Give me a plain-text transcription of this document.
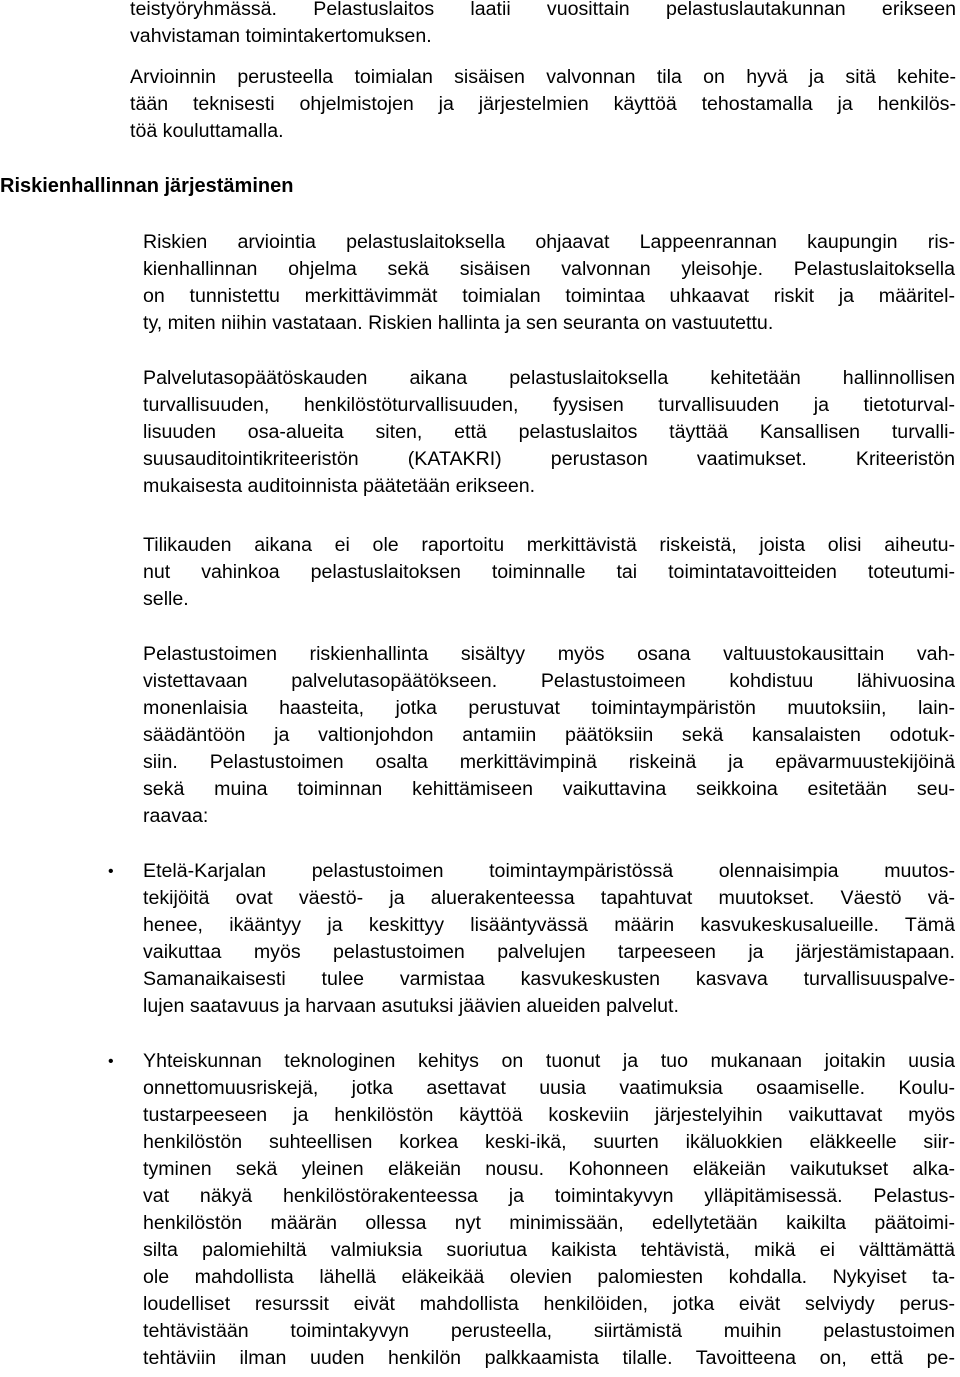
teistyöryhmässä. Pelastuslaitos laatii vuosittain pelastuslautakunnan erikseen
vahvistaman toimintakertomuksen.
Arvioinnin perusteella toimialan sisäisen valvonnan tila on hyvä ja sitä kehite-
tään teknisesti ohjelmistojen ja järjestelmien käyttöä tehostamalla ja henkilös-
töä kouluttamalla.
Riskienhallinnan järjestäminen
Riskien arviointia pelastuslaitoksella ohjaavat Lappeenrannan kaupungin ris-
kienhallinnan ohjelma sekä sisäisen valvonnan yleisohje. Pelastuslaitoksella
on tunnistettu merkittävimmät toimialan toimintaa uhkaavat riskit ja määritel-
ty, miten niihin vastataan. Riskien hallinta ja sen seuranta on vastuutettu.
Palvelutasopäätöskauden aikana pelastuslaitoksella kehitetään hallinnollisen
turvallisuuden, henkilöstöturvallisuuden, fyysisen turvallisuuden ja tietoturval-
lisuuden osa-alueita siten, että pelastuslaitos täyttää Kansallisen turvalli-
suusauditointikriteeristön (KATAKRI) perustason vaatimukset. Kriteeristön
mukaisesta auditoinnista päätetään erikseen.
Tilikauden aikana ei ole raportoitu merkittävistä riskeistä, joista olisi aiheutu-
nut vahinkoa pelastuslaitoksen toiminnalle tai toimintatavoitteiden toteutumi-
selle.
Pelastustoimen riskienhallinta sisältyy myös osana valtuustokausittain vah-
vistettavaan palvelutasopäätökseen. Pelastustoimeen kohdistuu lähivuosina
monenlaisia haasteita, jotka perustuvat toimintaympäristön muutoksiin, lain-
säädäntöön ja valtionjohdon antamiin päätöksiin sekä kansalaisten odotuk-
siin. Pelastustoimen osalta merkittävimpinä riskeinä ja epävarmuustekijöinä
sekä muina toiminnan kehittämiseen vaikuttavina seikkoina esitetään seu-
raavaa:
• Etelä-Karjalan pelastustoimen toimintaympäristössä olennaisimpia muutos-
tekijöitä ovat väestö- ja aluerakenteessa tapahtuvat muutokset. Väestö vä-
henee, ikääntyy ja keskittyy lisääntyvässä määrin kasvukeskusalueille. Tämä
vaikuttaa myös pelastustoimen palvelujen tarpeeseen ja järjestämistapaan.
Samanaikaisesti tulee varmistaa kasvukeskusten kasvava turvallisuuspalve-
lujen saatavuus ja harvaan asutuksi jäävien alueiden palvelut.
• Yhteiskunnan teknologinen kehitys on tuonut ja tuo mukanaan joitakin uusia
onnettomuusriskejä, jotka asettavat uusia vaatimuksia osaamiselle. Koulu-
tustarpeeseen ja henkilöstön käyttöä koskeviin järjestelyihin vaikuttavat myös
henkilöstön suhteellisen korkea keski-ikä, suurten ikäluokkien eläkkeelle siir-
tyminen sekä yleinen eläkeiän nousu. Kohonneen eläkeiän vaikutukset alka-
vat näkyä henkilöstörakenteessa ja toimintakyvyn ylläpitämisessä. Pelastus-
henkilöstön määrän ollessa nyt minimissään, edellytetään kaikilta päätoimi-
silta palomiehiltä valmiuksia suoriutua kaikista tehtävistä, mikä ei välttämättä
ole mahdollista lähellä eläkeikää olevien palomiesten kohdalla. Nykyiset ta-
loudelliset resurssit eivät mahdollista henkilöiden, jotka eivät selviydy perus-
tehtävistään toimintakyvyn perusteella, siirtämistä muihin pelastustoimen
tehtäviin ilman uuden henkilön palkkaamista tilalle. Tavoitteena on, että pe-
